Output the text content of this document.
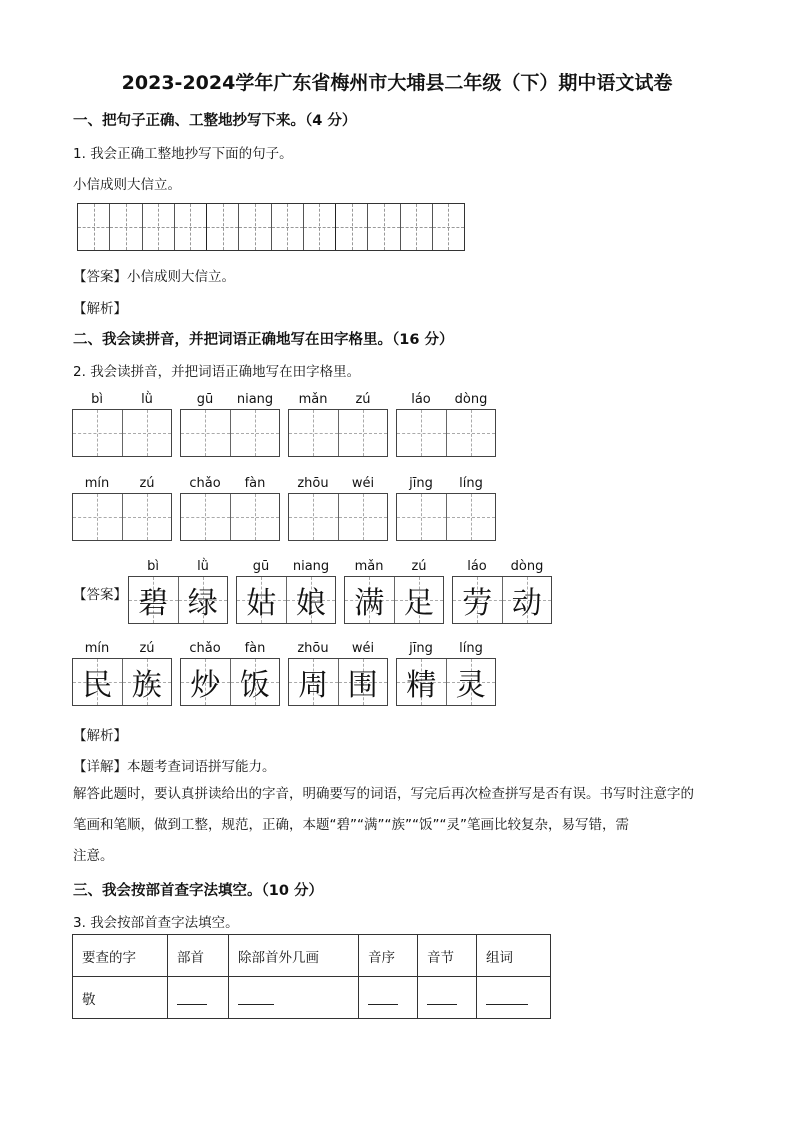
2023-2024学年广东省梅州市大埔县二年级（下）期中语文试卷
一、把句子正确、工整地抄写下来。（4 分）
1. 我会正确工整地抄写下面的句子。
小信成则大信立。
【答案】小信成则大信立。
【解析】
二、我会读拼音，并把词语正确地写在田字格里。（16 分）
2. 我会读拼音，并把词语正确地写在田字格里。
bì	lǜ	gū	niang	mǎn	zú	láo	dòng
mín	zú	chǎo	fàn	zhōu	wéi	jīng	líng
【答案】
bì	lǜ
碧 绿
gū	niang
姑 娘
mǎn	zú
满 足
láo	dòng
劳 动
mín	zú
民 族
chǎo	fàn
炒 饭
zhōu	wéi
周 围
jīng	líng
精 灵
【解析】
【详解】本题考查词语拼写能力。
解答此题时，要认真拼读给出的字音，明确要写的词语，写完后再次检查拼写是否有误。书写时注意字的
笔画和笔顺，做到工整，规范，正确，本题“碧”“满”“族”“饭”“灵”笔画比较复杂，易写错，需
注意。
三、我会按部首查字法填空。（10 分）
3. 我会按部首查字法填空。
要查的字	部首	除部首外几画	音序	音节	组词
敬					
